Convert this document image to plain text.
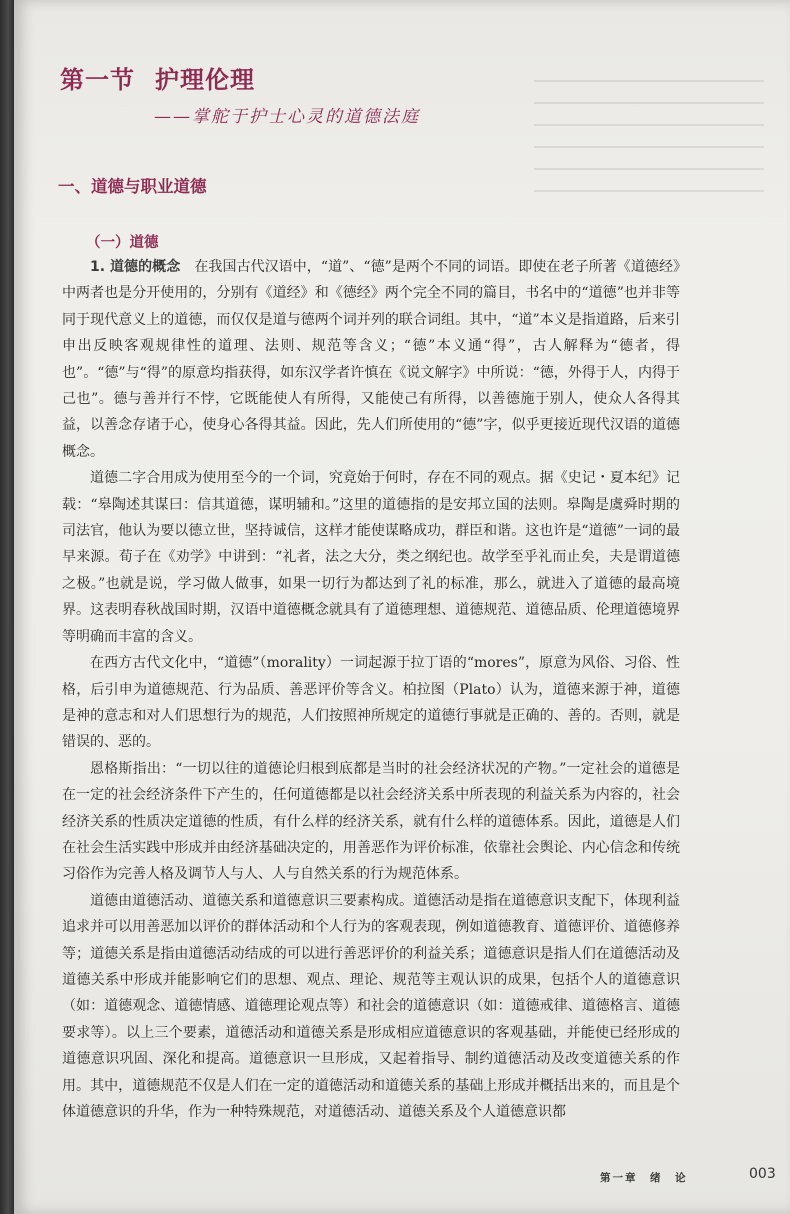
第一节 护理伦理
——掌舵于护士心灵的道德法庭
一、道德与职业道德
（一）道德

1. 道德的概念　 在我国古代汉语中，“道”、“德”是两个不同的词语。即使在老子所著《道德经》中两者也是分开使用的，分别有《道经》和《德经》两个完全不同的篇目，书名中的“道德”也并非等同于现代意义上的道德，而仅仅是道与德两个词并列的联合词组。其中，“道”本义是指道路，后来引申出反映客观规律性的道理、法则、规范等含义；“德”本义通“得”，古人解释为“德者，得也”。“德”与“得”的原意均指获得，如东汉学者许慎在《说文解字》中所说：“德，外得于人，内得于己也”。德与善并行不悖，它既能使人有所得，又能使己有所得，以善德施于别人，使众人各得其益，以善念存诸于心，使身心各得其益。因此，先人们所使用的“德”字，似乎更接近现代汉语的道德概念。

道德二字合用成为使用至今的一个词，究竟始于何时，存在不同的观点。据《史记・夏本纪》记载：“皋陶述其谋曰：信其道德，谋明辅和。”这里的道德指的是安邦立国的法则。皋陶是虞舜时期的司法官，他认为要以德立世，坚持诚信，这样才能使谋略成功，群臣和谐。这也许是“道德”一词的最早来源。荀子在《劝学》中讲到：“礼者，法之大分，类之纲纪也。故学至乎礼而止矣，夫是谓道德之极。”也就是说，学习做人做事，如果一切行为都达到了礼的标准，那么，就进入了道德的最高境界。这表明春秋战国时期，汉语中道德概念就具有了道德理想、道德规范、道德品质、伦理道德境界等明确而丰富的含义。

在西方古代文化中，“道德”（morality）一词起源于拉丁语的“mores”，原意为风俗、习俗、性格，后引申为道德规范、行为品质、善恶评价等含义。柏拉图（Plato）认为，道德来源于神，道德是神的意志和对人们思想行为的规范，人们按照神所规定的道德行事就是正确的、善的。否则，就是错误的、恶的。

恩格斯指出：“一切以往的道德论归根到底都是当时的社会经济状况的产物。”一定社会的道德是在一定的社会经济条件下产生的，任何道德都是以社会经济关系中所表现的利益关系为内容的，社会经济关系的性质决定道德的性质，有什么样的经济关系，就有什么样的道德体系。因此，道德是人们在社会生活实践中形成并由经济基础决定的，用善恶作为评价标准，依靠社会舆论、内心信念和传统习俗作为完善人格及调节人与人、人与自然关系的行为规范体系。

道德由道德活动、道德关系和道德意识三要素构成。道德活动是指在道德意识支配下，体现利益追求并可以用善恶加以评价的群体活动和个人行为的客观表现，例如道德教育、道德评价、道德修养等；道德关系是指由道德活动结成的可以进行善恶评价的利益关系；道德意识是指人们在道德活动及道德关系中形成并能影响它们的思想、观点、理论、规范等主观认识的成果，包括个人的道德意识（如：道德观念、道德情感、道德理论观点等）和社会的道德意识（如：道德戒律、道德格言、道德要求等）。以上三个要素，道德活动和道德关系是形成相应道德意识的客观基础，并能使已经形成的道德意识巩固、深化和提高。道德意识一旦形成，又起着指导、制约道德活动及改变道德关系的作用。其中，道德规范不仅是人们在一定的道德活动和道德关系的基础上形成并概括出来的，而且是个体道德意识的升华，作为一种特殊规范，对道德活动、道德关系及个人道德意识都

第一章　绪　论	003
